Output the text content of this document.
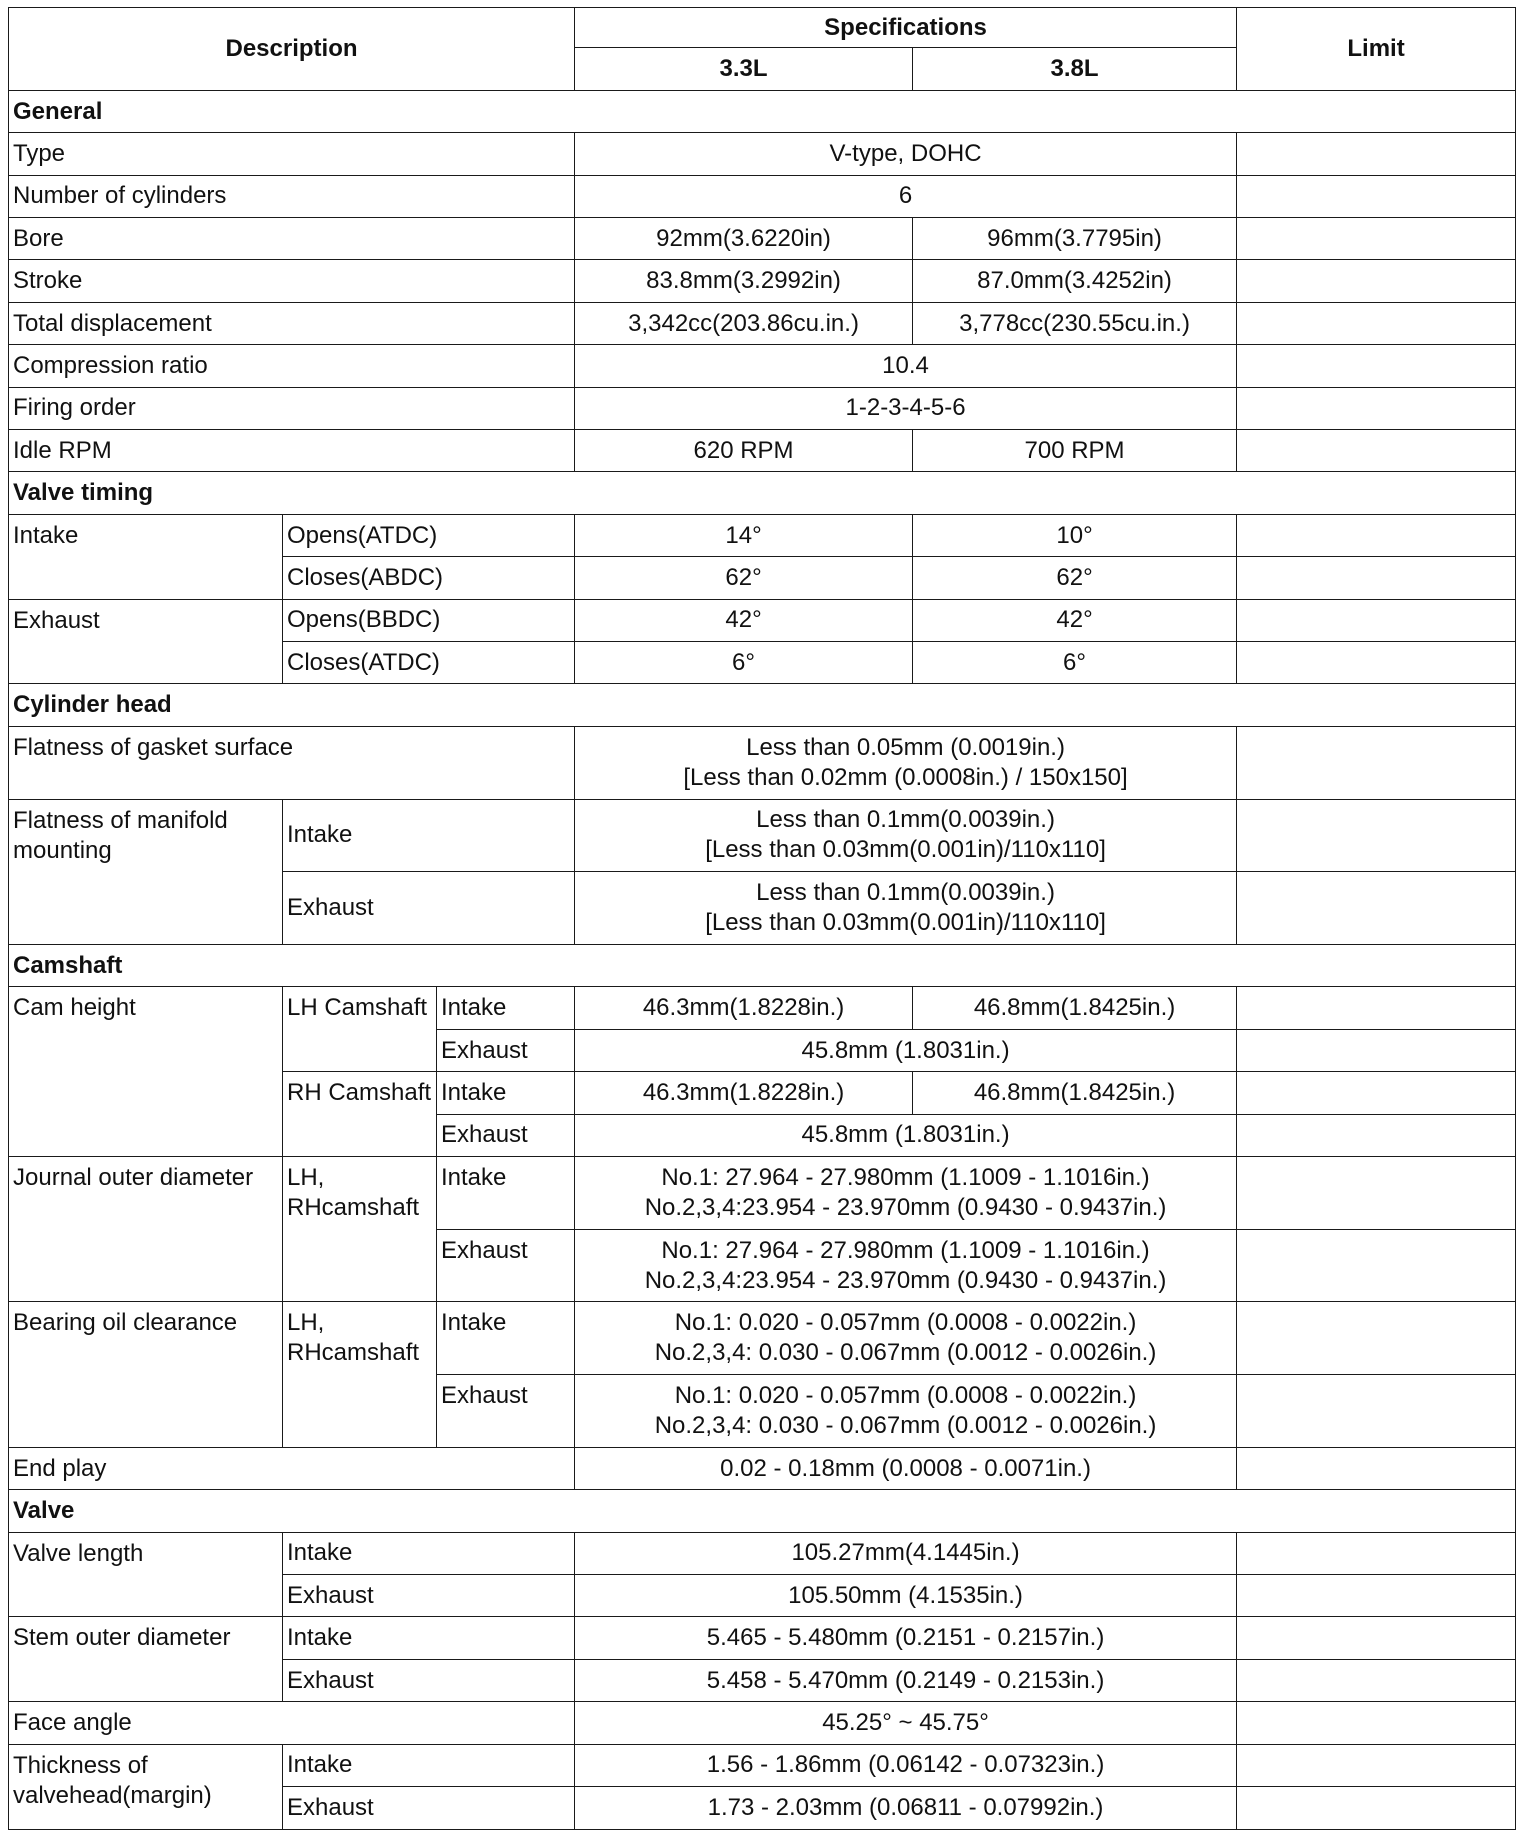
Description			Specifications		Limit
			3.3L	3.8L	
General					
Type			V-type, DOHC		
Number of cylinders			6		
Bore			92mm(3.6220in)	96mm(3.7795in)	
Stroke			83.8mm(3.2992in)	87.0mm(3.4252in)	
Total displacement			3,342cc(203.86cu.in.)	3,778cc(230.55cu.in.)	
Compression ratio			10.4		
Firing order			1-2-3-4-5-6		
Idle RPM			620 RPM	700 RPM	
Valve timing					
Intake	Opens(ATDC)		14°	10°	
	Closes(ABDC)		62°	62°	
Exhaust	Opens(BBDC)		42°	42°	
	Closes(ATDC)		6°	6°	
Cylinder head					
Flatness of gasket surface			Less than 0.05mm (0.0019in.)
[Less than 0.02mm (0.0008in.) / 150x150]		

Flatness of manifold mounting	Intake		Less than 0.1mm(0.0039in.)
[Less than 0.03mm(0.001in)/110x110]		

	Exhaust		Less than 0.1mm(0.0039in.)
[Less than 0.03mm(0.001in)/110x110]		

Camshaft					
Cam height	LH Camshaft	Intake	46.3mm(1.8228in.)	46.8mm(1.8425in.)	
		Exhaust	45.8mm (1.8031in.)		
	RH Camshaft	Intake	46.3mm(1.8228in.)	46.8mm(1.8425in.)	
		Exhaust	45.8mm (1.8031in.)		
Journal outer diameter	LH, RHcamshaft	Intake	No.1: 27.964 - 27.980mm (1.1009 - 1.1016in.)
No.2,3,4:23.954 - 23.970mm (0.9430 - 0.9437in.)		

		Exhaust	No.1: 27.964 - 27.980mm (1.1009 - 1.1016in.)
No.2,3,4:23.954 - 23.970mm (0.9430 - 0.9437in.)		

Bearing oil clearance	LH, RHcamshaft	Intake	No.1: 0.020 - 0.057mm (0.0008 - 0.0022in.)
No.2,3,4: 0.030 - 0.067mm (0.0012 - 0.0026in.)		

		Exhaust	No.1: 0.020 - 0.057mm (0.0008 - 0.0022in.)
No.2,3,4: 0.030 - 0.067mm (0.0012 - 0.0026in.)		

End play			0.02 - 0.18mm (0.0008 - 0.0071in.)		
Valve					
Valve length	Intake		105.27mm(4.1445in.)		
	Exhaust		105.50mm (4.1535in.)		
Stem outer diameter	Intake		5.465 - 5.480mm (0.2151 - 0.2157in.)		
	Exhaust		5.458 - 5.470mm (0.2149 - 0.2153in.)		
Face angle			45.25° ~ 45.75°		
Thickness of valvehead(margin)	Intake		1.56 - 1.86mm (0.06142 - 0.07323in.)		
	Exhaust		1.73 - 2.03mm (0.06811 - 0.07992in.)		
